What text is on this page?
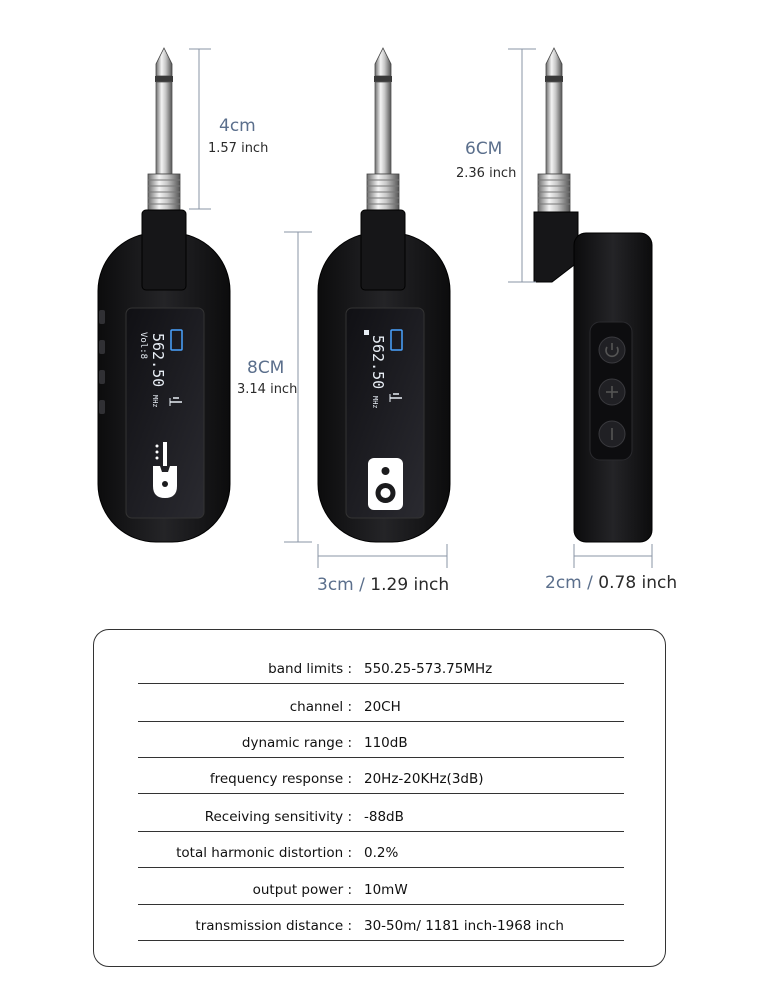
562.50
MHz
Vol:8	562.50
MHz
4cm
1.57 inch
8CM
3.14 inch
6CM
2.36 inch
3cm / 1.29 inch	2cm / 0.78 inch
band limits : 550.25-573.75MHz
channel : 20CH
dynamic range : 110dB
frequency response : 20Hz-20KHz(3dB)
Receiving sensitivity : -88dB
total harmonic distortion : 0.2%
output power : 10mW
transmission distance : 30-50m/ 1181 inch-1968 inch
